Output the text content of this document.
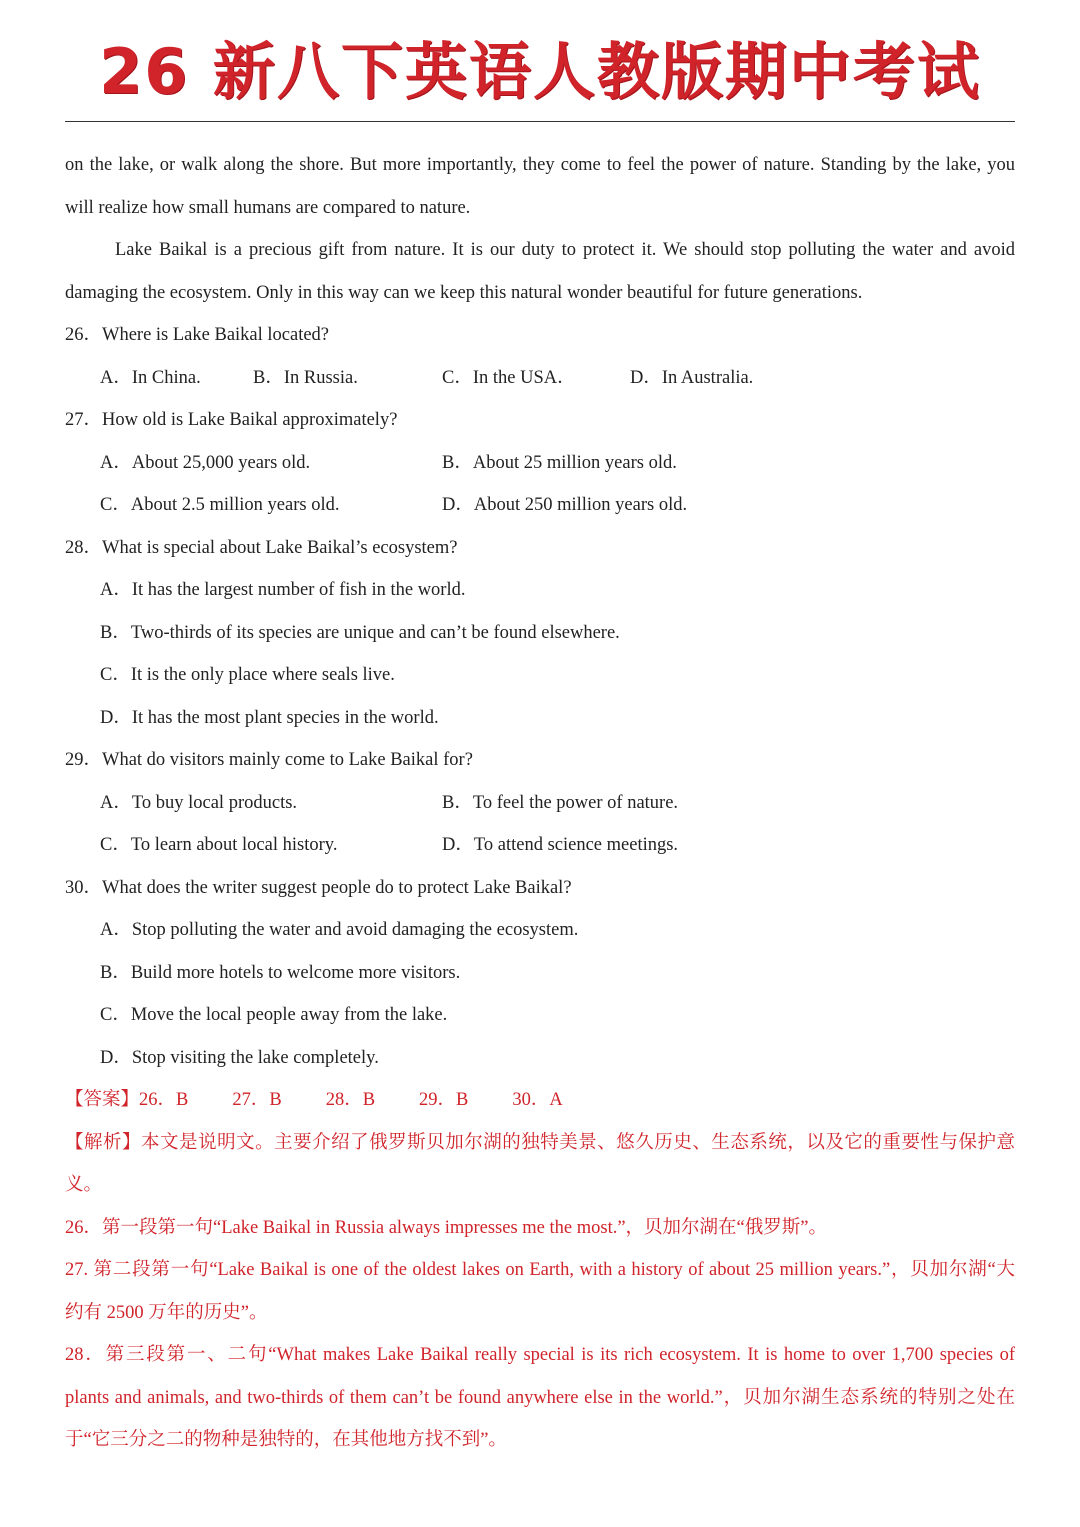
26 新八下英语人教版期中考试
on the lake, or walk along the shore. But more importantly, they come to feel the power of nature. Standing by the lake, you
will realize how small humans are compared to nature.
Lake Baikal is a precious gift from nature. It is our duty to protect it. We should stop polluting the water and avoid
damaging the ecosystem. Only in this way can we keep this natural wonder beautiful for future generations.
26．Where is Lake Baikal located?
A．In China.	B．In Russia.	C．In the USA．	D．In Australia.
27．How old is Lake Baikal approximately?
A．About 25,000 years old.	B．About 25 million years old.
C．About 2.5 million years old.	D．About 250 million years old.
28．What is special about Lake Baikal’s ecosystem?
A．It has the largest number of fish in the world.
B．Two-thirds of its species are unique and can’t be found elsewhere.
C．It is the only place where seals live.
D．It has the most plant species in the world.
29．What do visitors mainly come to Lake Baikal for?
A．To buy local products.	B．To feel the power of nature.
C．To learn about local history.	D．To attend science meetings.
30．What does the writer suggest people do to protect Lake Baikal?
A．Stop polluting the water and avoid damaging the ecosystem.
B．Build more hotels to welcome more visitors.
C．Move the local people away from the lake.
D．Stop visiting the lake completely.
【答案】26．B 27．B 28．B 29．B 30．A
【解析】本文是说明文。主要介绍了俄罗斯贝加尔湖的独特美景、悠久历史、生态系统，以及它的重要性与保护意
义。
26．第一段第一句“Lake Baikal in Russia always impresses me the most.”，贝加尔湖在“俄罗斯”。
27. 第二段第一句“Lake Baikal is one of the oldest lakes on Earth, with a history of about 25 million years.”，贝加尔湖“大
约有 2500 万年的历史”。
28．第三段第一、二句“What makes Lake Baikal really special is its rich ecosystem. It is home to over 1,700 species of
plants and animals, and two-thirds of them can’t be found anywhere else in the world.”，贝加尔湖生态系统的特别之处在
于“它三分之二的物种是独特的，在其他地方找不到”。
